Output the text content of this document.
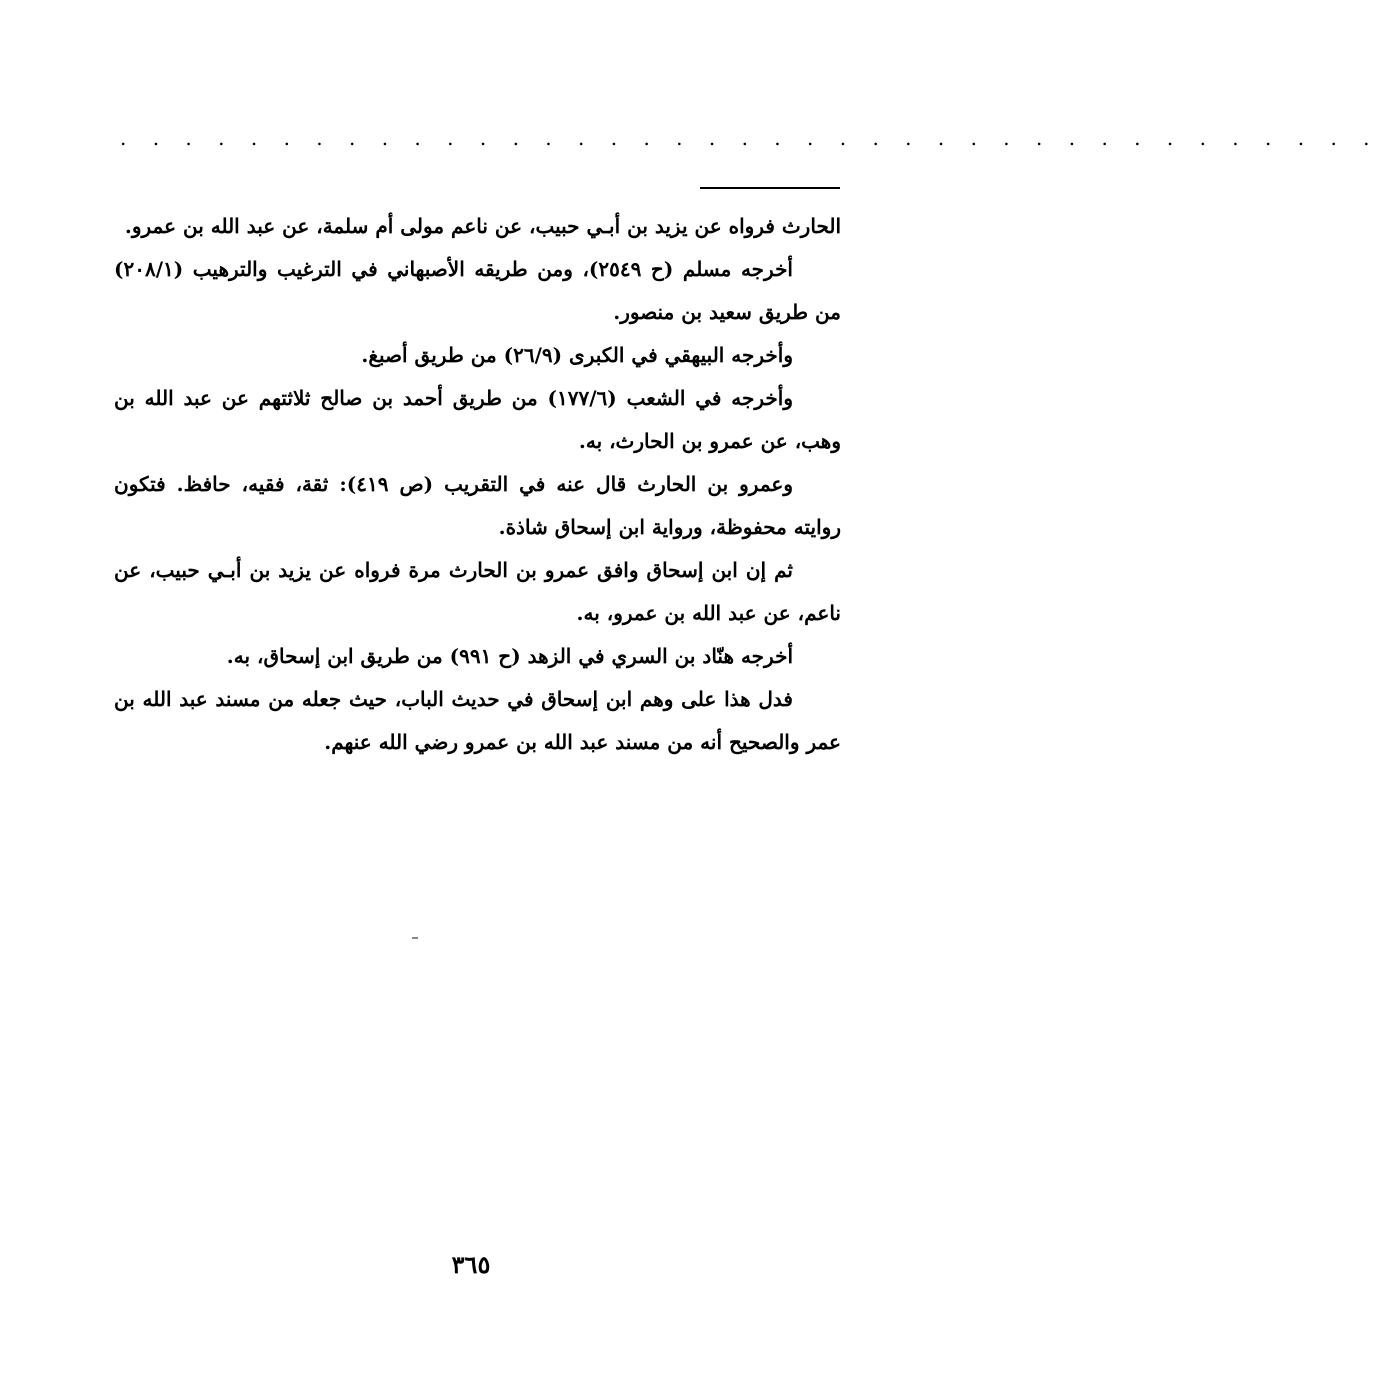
. . . . . . . . . . . . . . . . . . . . . . . . . . . . . . . . . . . . . . .

الحارث فرواه عن يزيد بن أبـي حبيب، عن ناعم مولى أم سلمة، عن عبد الله بن عمرو.

أخرجه مسلم (ح ٢٥٤٩)، ومن طريقه الأصبهاني في الترغيب والترهيب (٢٠٨/١) من طريق سعيد بن منصور.

وأخرجه البيهقي في الكبرى (٢٦/٩) من طريق أصبغ.

وأخرجه في الشعب (١٧٧/٦) من طريق أحمد بن صالح ثلاثتهم عن عبد الله بن وهب، عن عمرو بن الحارث، به.

وعمرو بن الحارث قال عنه في التقريب (ص ٤١٩): ثقة، فقيه، حافظ. فتكون روايته محفوظة، ورواية ابن إسحاق شاذة.

ثم إن ابن إسحاق وافق عمرو بن الحارث مرة فرواه عن يزيد بن أبـي حبيب، عن ناعم، عن عبد الله بن عمرو، به.

أخرجه هنّاد بن السري في الزهد (ح ٩٩١) من طريق ابن إسحاق، به.

فدل هذا على وهم ابن إسحاق في حديث الباب، حيث جعله من مسند عبد الله بن عمر والصحيح أنه من مسند عبد الله بن عمرو رضي الله عنهم.

٣٦٥
